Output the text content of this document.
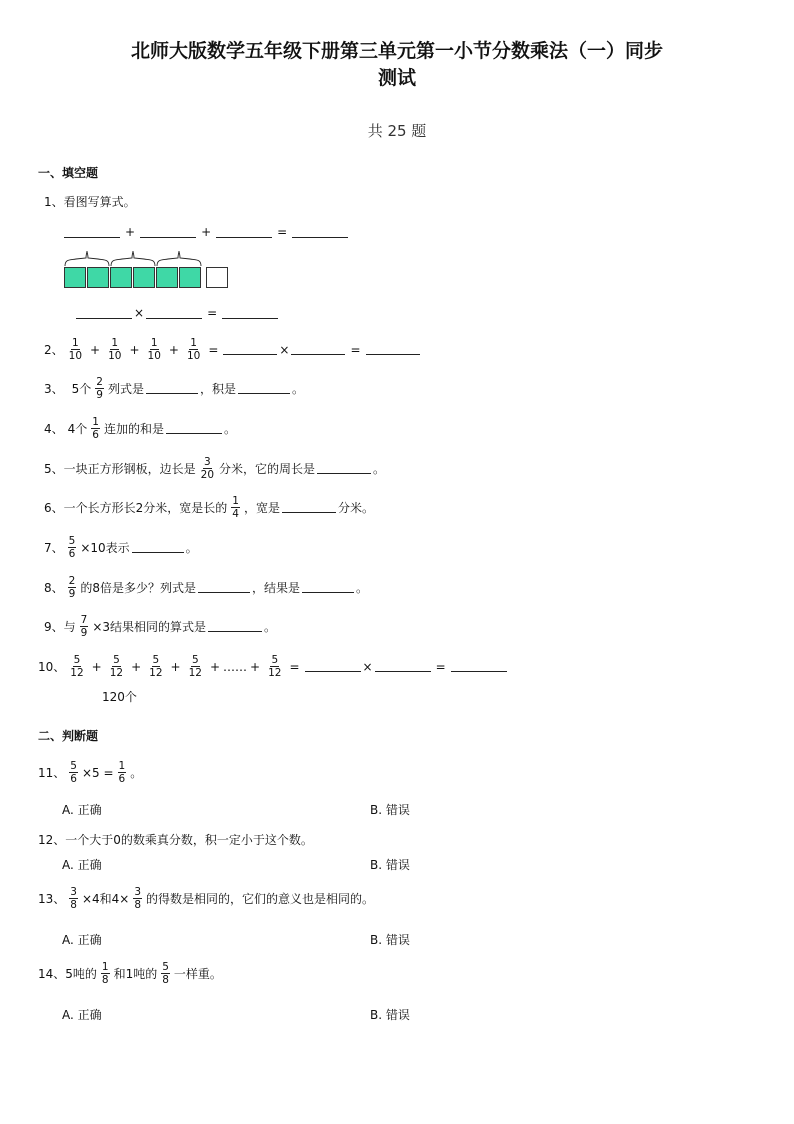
北师大版数学五年级下册第三单元第一小节分数乘法（一）同步
测试
共 25 题
一、填空题
1、看图写算式。
+	+	=
×	=
2、 $\frac{1}{10} + \frac{1}{10} + \frac{1}{10} + \frac{1}{10}$ =	×	=
3、 5个 $\frac{2}{9}$ 列式是	，积是	。
4、 4个 $\frac{1}{6}$ 连加的和是	。
5、 一块正方形钢板，边长是 $\frac{3}{20}$ 分米，它的周长是	。
6、 一个长方形长2分米，宽是长的 $\frac{1}{4}$ ，宽是	分米。
7、 $\frac{5}{6} \times 10$表示	。
8、 $\frac{2}{9}$ 的8倍是多少？列式是	，结果是	。
9、 与 $\frac{7}{9} \times 3$结果相同的算式是	。
10、 $\frac{5}{12} + \frac{5}{12} + \frac{5}{12} + \frac{5}{12}$ + …… + $\frac{5}{12}$ =	×	=
120个
二、判断题
11、 $\frac{5}{6} \times 5 = \frac{1}{6}$ 。
A. 正确	B. 错误
12、一个大于0的数乘真分数，积一定小于这个数。
A. 正确	B. 错误
13、 $\frac{3}{8} \times 4$和$4\times \frac{3}{8}$ 的得数是相同的，它们的意义也是相同的。
A. 正确	B. 错误
14、5吨的 $\frac{1}{8}$ 和1吨的 $\frac{5}{8}$ 一样重。
A. 正确	B. 错误
